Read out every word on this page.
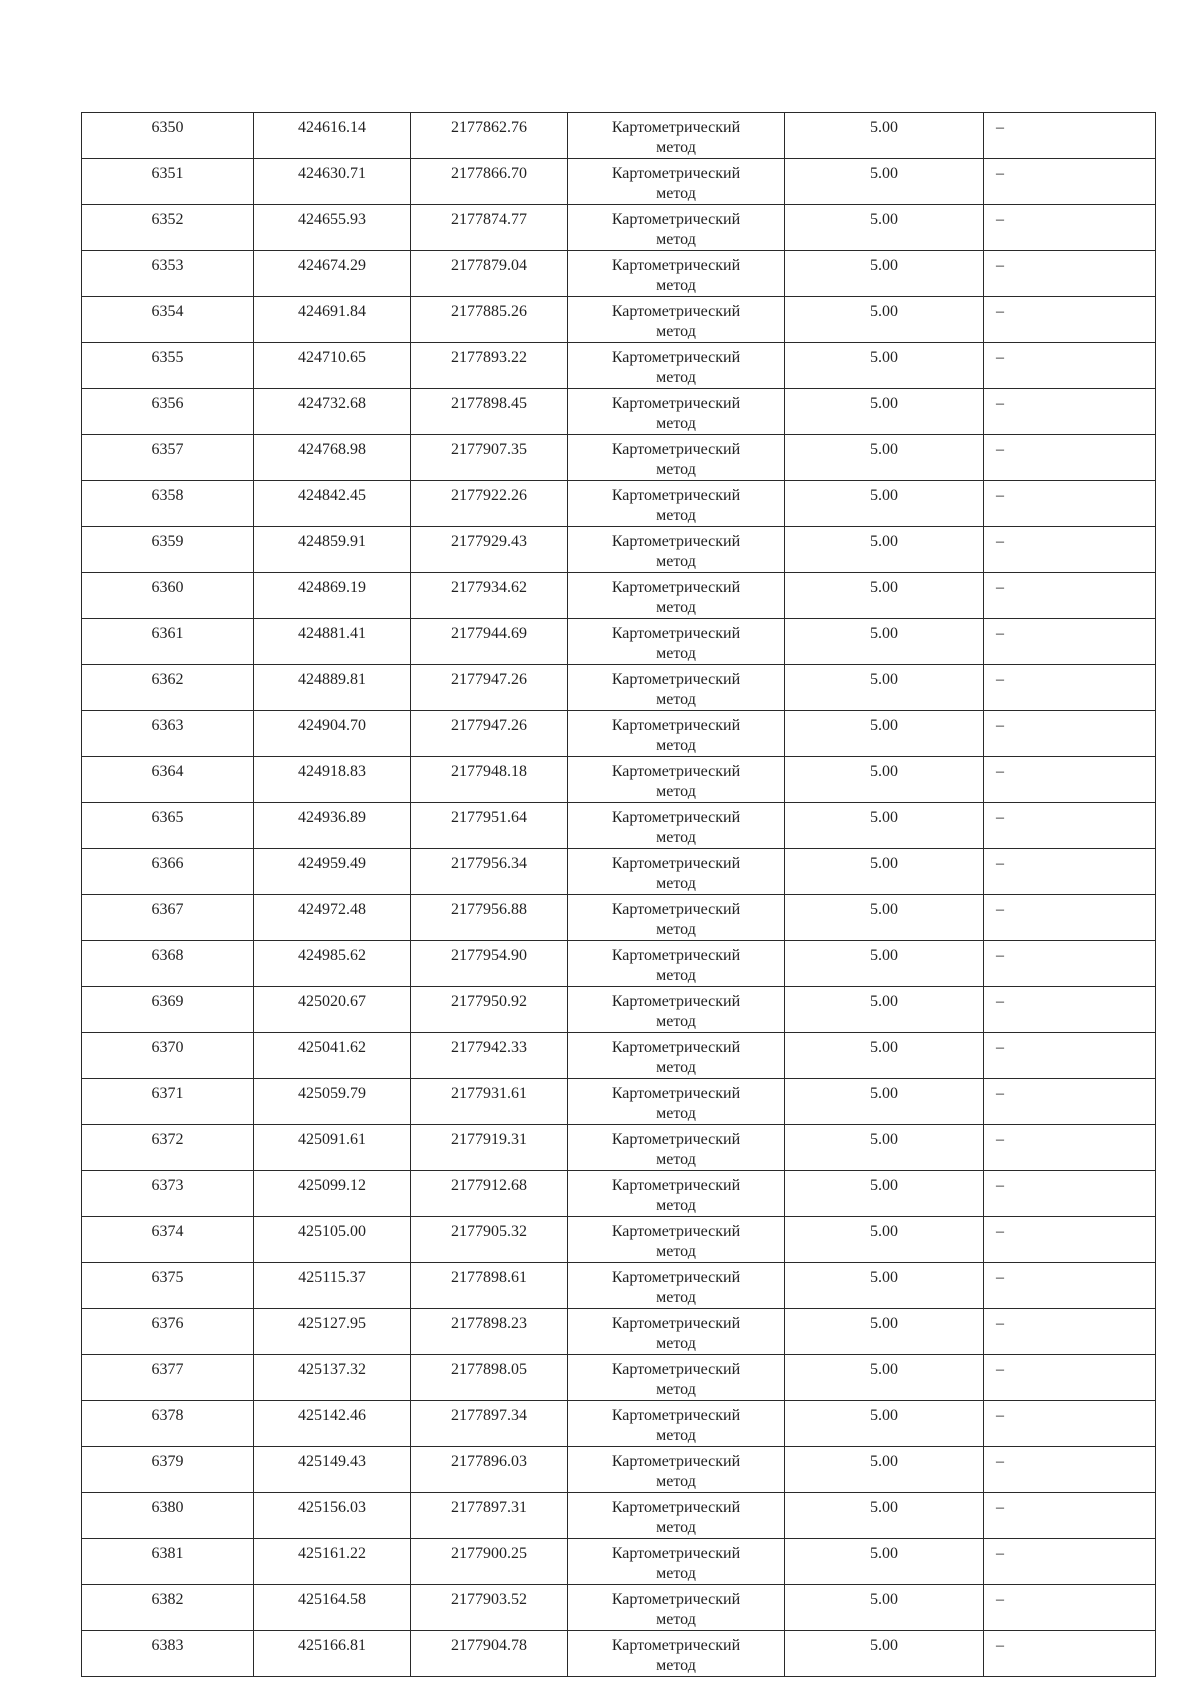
6350	424616.14	2177862.76	Картометрический
метод	5.00	–

6351	424630.71	2177866.70	Картометрический
метод	5.00	–

6352	424655.93	2177874.77	Картометрический
метод	5.00	–

6353	424674.29	2177879.04	Картометрический
метод	5.00	–

6354	424691.84	2177885.26	Картометрический
метод	5.00	–

6355	424710.65	2177893.22	Картометрический
метод	5.00	–

6356	424732.68	2177898.45	Картометрический
метод	5.00	–

6357	424768.98	2177907.35	Картометрический
метод	5.00	–

6358	424842.45	2177922.26	Картометрический
метод	5.00	–

6359	424859.91	2177929.43	Картометрический
метод	5.00	–

6360	424869.19	2177934.62	Картометрический
метод	5.00	–

6361	424881.41	2177944.69	Картометрический
метод	5.00	–

6362	424889.81	2177947.26	Картометрический
метод	5.00	–

6363	424904.70	2177947.26	Картометрический
метод	5.00	–

6364	424918.83	2177948.18	Картометрический
метод	5.00	–

6365	424936.89	2177951.64	Картометрический
метод	5.00	–

6366	424959.49	2177956.34	Картометрический
метод	5.00	–

6367	424972.48	2177956.88	Картометрический
метод	5.00	–

6368	424985.62	2177954.90	Картометрический
метод	5.00	–

6369	425020.67	2177950.92	Картометрический
метод	5.00	–

6370	425041.62	2177942.33	Картометрический
метод	5.00	–

6371	425059.79	2177931.61	Картометрический
метод	5.00	–

6372	425091.61	2177919.31	Картометрический
метод	5.00	–

6373	425099.12	2177912.68	Картометрический
метод	5.00	–

6374	425105.00	2177905.32	Картометрический
метод	5.00	–

6375	425115.37	2177898.61	Картометрический
метод	5.00	–

6376	425127.95	2177898.23	Картометрический
метод	5.00	–

6377	425137.32	2177898.05	Картометрический
метод	5.00	–

6378	425142.46	2177897.34	Картометрический
метод	5.00	–

6379	425149.43	2177896.03	Картометрический
метод	5.00	–

6380	425156.03	2177897.31	Картометрический
метод	5.00	–

6381	425161.22	2177900.25	Картометрический
метод	5.00	–

6382	425164.58	2177903.52	Картометрический
метод	5.00	–

6383	425166.81	2177904.78	Картометрический
метод	5.00	–
